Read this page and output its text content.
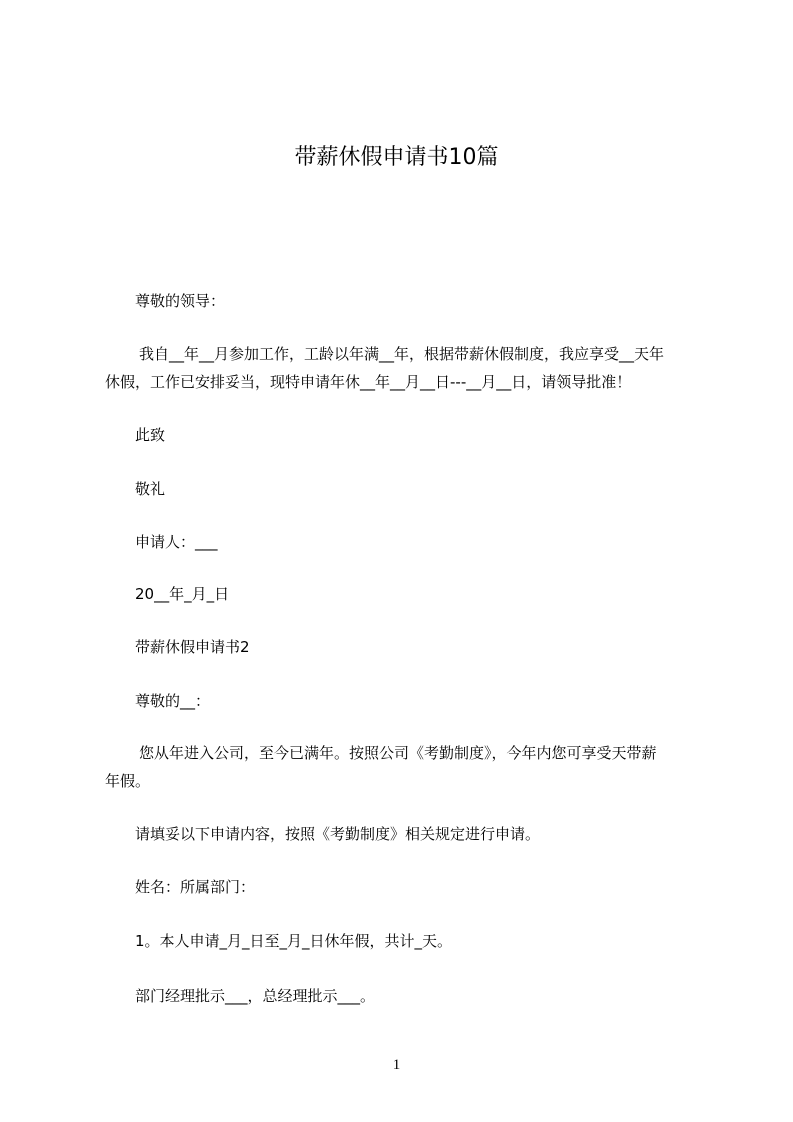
带薪休假申请书10篇
尊敬的领导：
我自__年__月参加工作，工龄以年满__年，根据带薪休假制度，我应享受__天年
休假，工作已安排妥当，现特申请年休__年__月__日---__月__日，请领导批准！
此致
敬礼
申请人：___
20__年_月_日
带薪休假申请书2
尊敬的__：
您从年进入公司，至今已满年。按照公司《考勤制度》，今年内您可享受天带薪
年假。
请填妥以下申请内容，按照《考勤制度》相关规定进行申请。
姓名：所属部门：
1。本人申请_月_日至_月_日休年假，共计_天。
部门经理批示___，总经理批示___。
1
